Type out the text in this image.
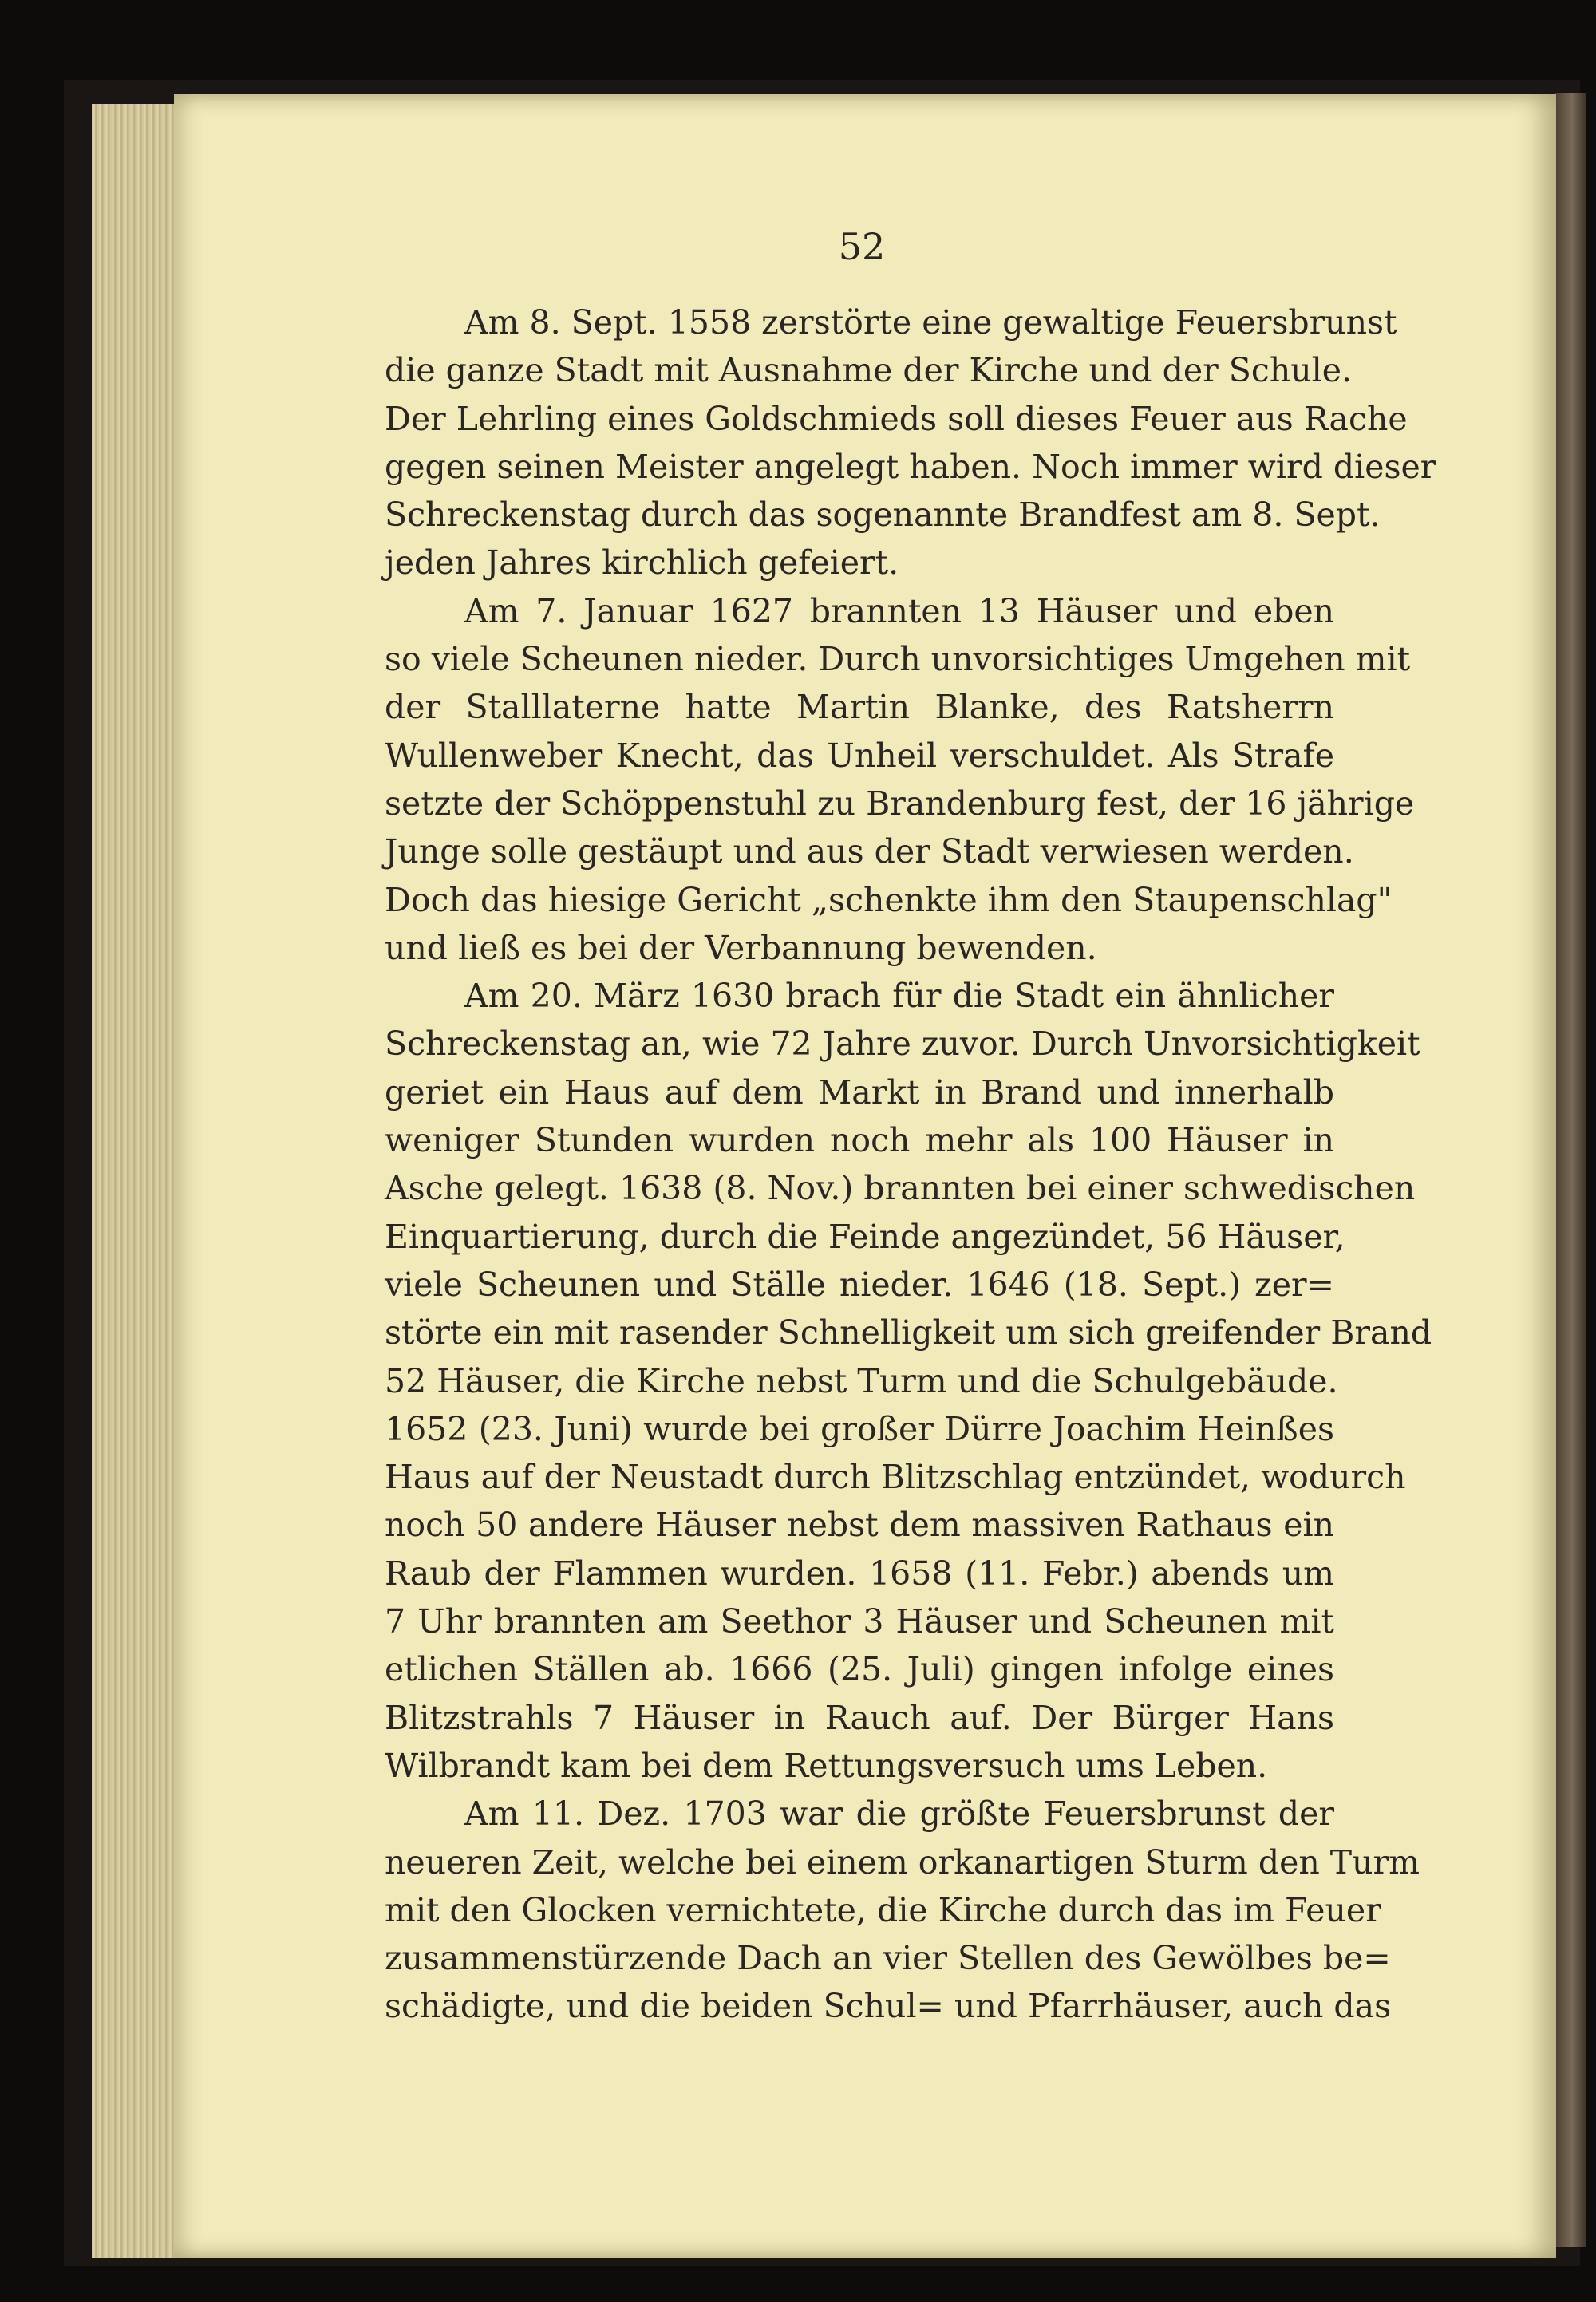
52
Am 8. Sept. 1558 zerstörte eine gewaltige Feuersbrunst
die ganze Stadt mit Ausnahme der Kirche und der Schule.
Der Lehrling eines Goldschmieds soll dieses Feuer aus Rache
gegen seinen Meister angelegt haben. Noch immer wird dieser
Schreckenstag durch das sogenannte Brandfest am 8. Sept.
jeden Jahres kirchlich gefeiert.
Am 7. Januar 1627 brannten 13 Häuser und eben
so viele Scheunen nieder. Durch unvorsichtiges Umgehen mit
der Stalllaterne hatte Martin Blanke, des Ratsherrn
Wullenweber Knecht, das Unheil verschuldet. Als Strafe
setzte der Schöppenstuhl zu Brandenburg fest, der 16 jährige
Junge solle gestäupt und aus der Stadt verwiesen werden.
Doch das hiesige Gericht „schenkte ihm den Staupenschlag"
und ließ es bei der Verbannung bewenden.
Am 20. März 1630 brach für die Stadt ein ähnlicher
Schreckenstag an, wie 72 Jahre zuvor. Durch Unvorsichtigkeit
geriet ein Haus auf dem Markt in Brand und innerhalb
weniger Stunden wurden noch mehr als 100 Häuser in
Asche gelegt. 1638 (8. Nov.) brannten bei einer schwedischen
Einquartierung, durch die Feinde angezündet, 56 Häuser,
viele Scheunen und Ställe nieder. 1646 (18. Sept.) zer=
störte ein mit rasender Schnelligkeit um sich greifender Brand
52 Häuser, die Kirche nebst Turm und die Schulgebäude.
1652 (23. Juni) wurde bei großer Dürre Joachim Heinßes
Haus auf der Neustadt durch Blitzschlag entzündet, wodurch
noch 50 andere Häuser nebst dem massiven Rathaus ein
Raub der Flammen wurden. 1658 (11. Febr.) abends um
7 Uhr brannten am Seethor 3 Häuser und Scheunen mit
etlichen Ställen ab. 1666 (25. Juli) gingen infolge eines
Blitzstrahls 7 Häuser in Rauch auf. Der Bürger Hans
Wilbrandt kam bei dem Rettungsversuch ums Leben.
Am 11. Dez. 1703 war die größte Feuersbrunst der
neueren Zeit, welche bei einem orkanartigen Sturm den Turm
mit den Glocken vernichtete, die Kirche durch das im Feuer
zusammenstürzende Dach an vier Stellen des Gewölbes be=
schädigte, und die beiden Schul= und Pfarrhäuser, auch das
